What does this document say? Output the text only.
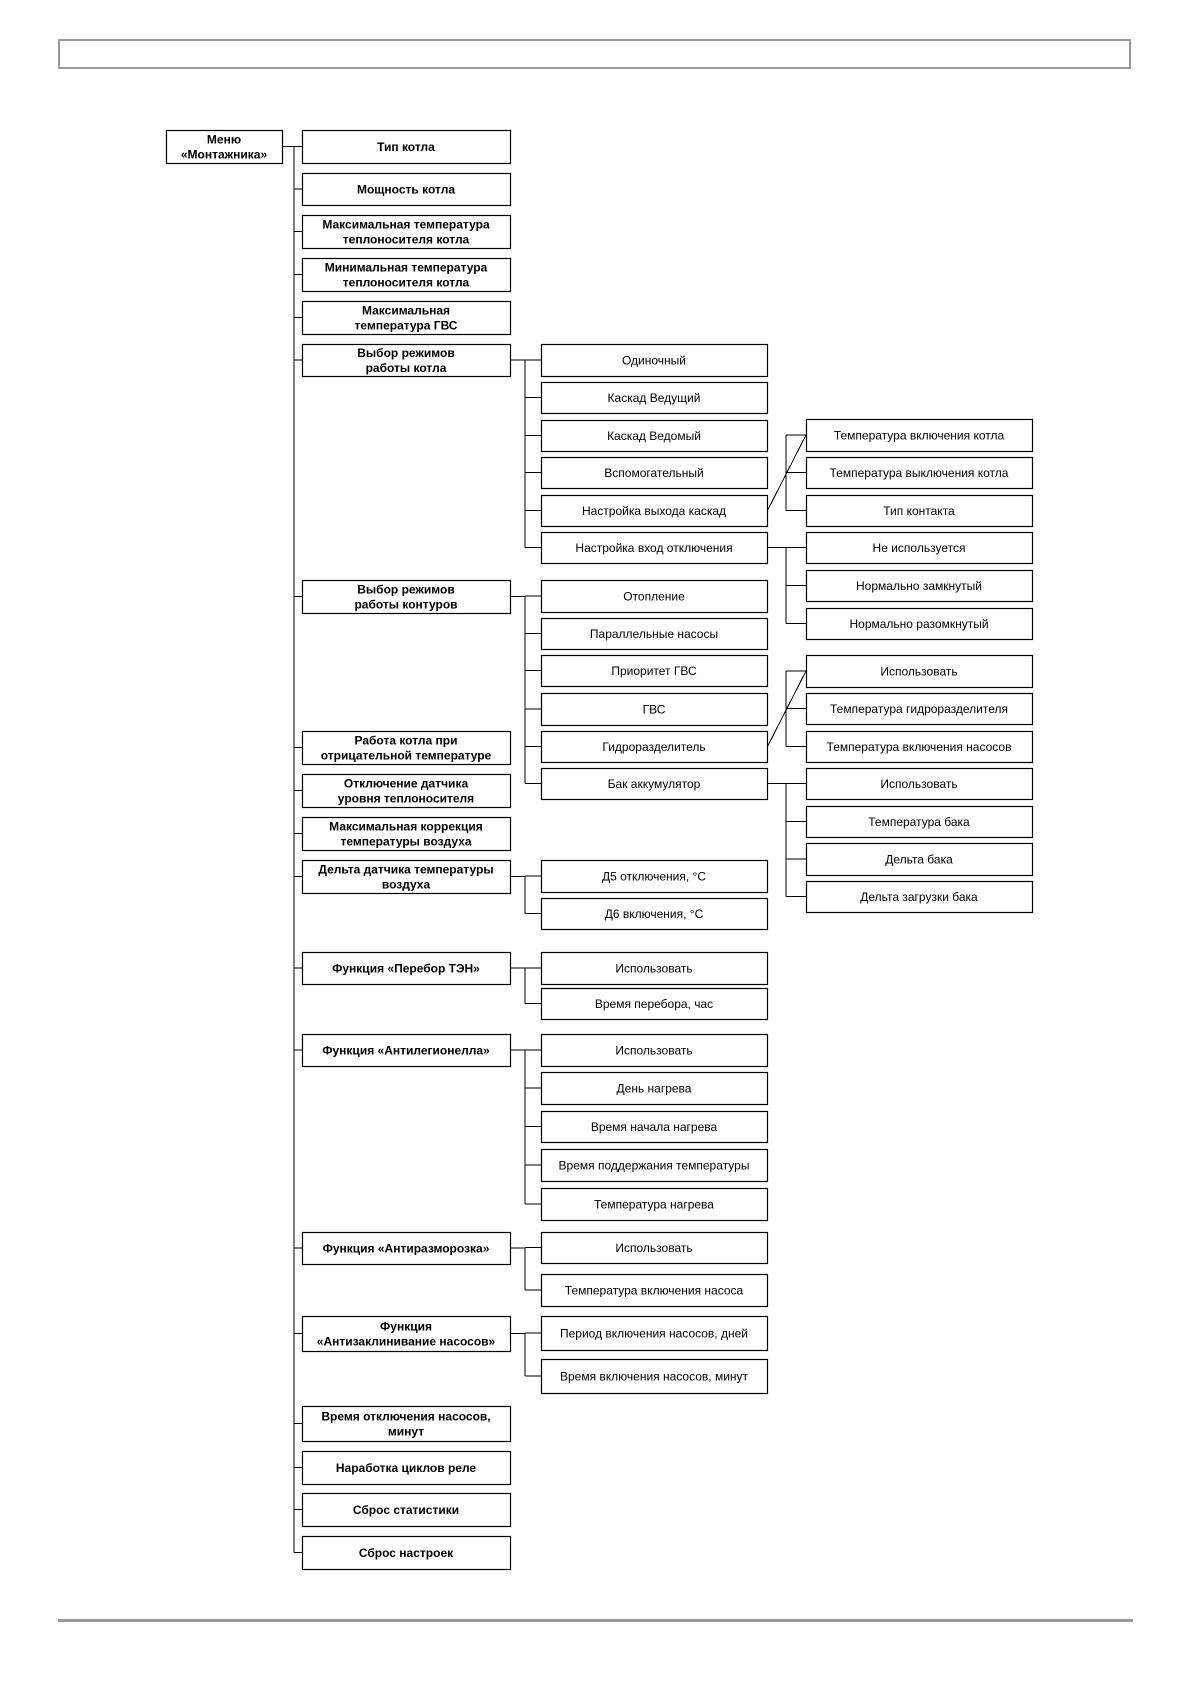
Меню
«Монтажника»
Тип котла
Мощность котла
Максимальная температура
теплоносителя котла
Минимальная температура
теплоносителя котла
Максимальная
температура ГВС
Выбор режимов
работы котла
Выбор режимов
работы контуров
Работа котла при
отрицательной температуре
Отключение датчика
уровня теплоносителя
Максимальная коррекция
температуры воздуха
Дельта датчика температуры
воздуха
Функция «Перебор ТЭН»
Функция «Антилегионелла»
Функция «Антиразморозка»
Функция
«Антизаклинивание насосов»
Время отключения насосов,
минут
Наработка циклов реле
Сброс статистики
Сброс настроек
Одиночный
Каскад Ведущий
Каскад Ведомый
Вспомогательный
Настройка выхода каскад
Настройка вход отключения
Отопление
Параллельные насосы
Приоритет ГВС
ГВС
Гидроразделитель
Бак аккумулятор
Д5 отключения, °C
Д6 включения, °C
Использовать
Время перебора, час
Использовать
День нагрева
Время начала нагрева
Время поддержания температуры
Температура нагрева
Использовать
Температура включения насоса
Период включения насосов, дней
Время включения насосов, минут
Температура включения котла
Температура выключения котла
Тип контакта
Не используется
Нормально замкнутый
Нормально разомкнутый
Использовать
Температура гидроразделителя
Температура включения насосов
Использовать
Температура бака
Дельта бака
Дельта загрузки бака
